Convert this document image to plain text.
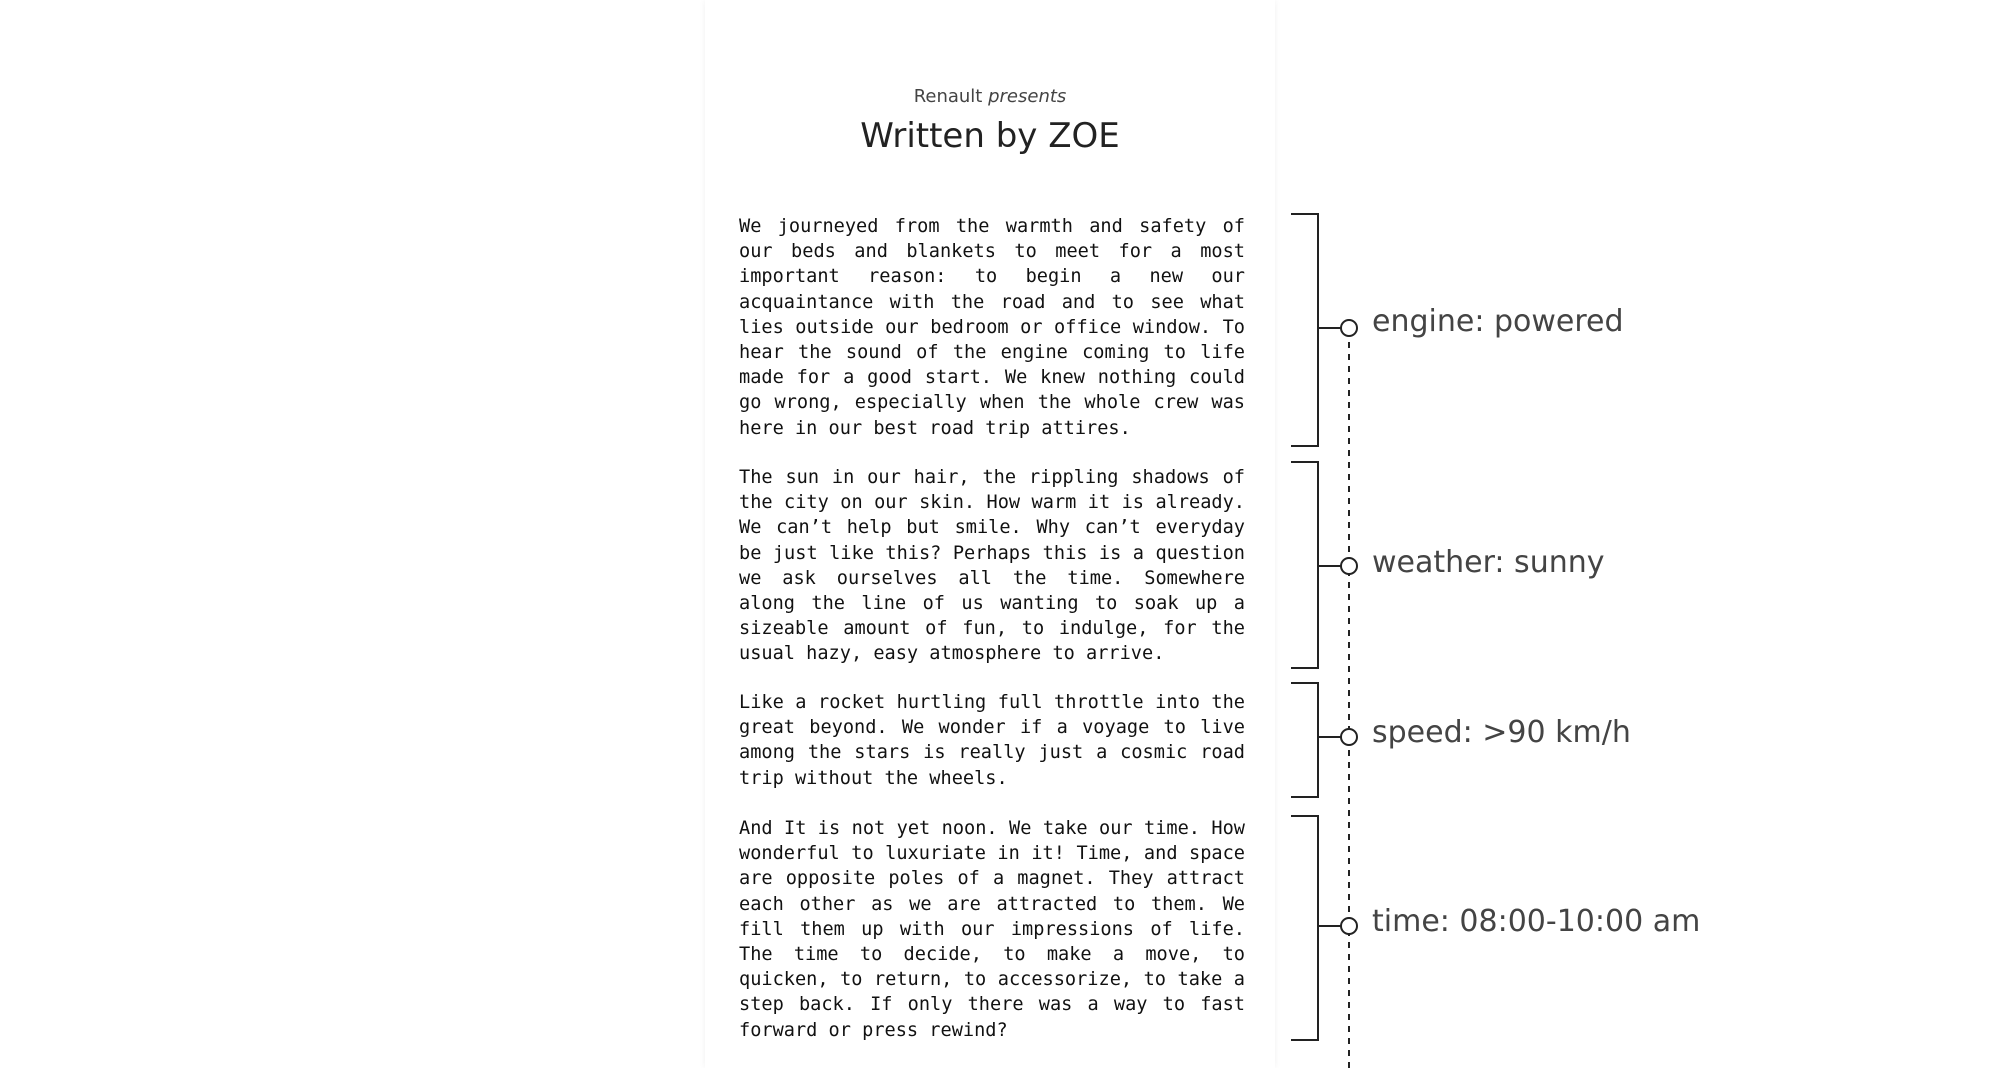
Renault presents
Written by ZOE

We journeyed from the warmth and safety of our beds and blankets to meet for a most important reason: to begin a new our acquaintance with the road and to see what lies outside our bedroom or office window. To hear the sound of the engine coming to life made for a good start. We knew nothing could go wrong, especially when the whole crew was here in our best road trip attires.

The sun in our hair, the rippling shadows of the city on our skin. How warm it is already. We can’t help but smile. Why can’t everyday be just like this? Perhaps this is a question we ask ourselves all the time. Somewhere along the line of us wanting to soak up a sizeable amount of fun, to indulge, for the usual hazy, easy atmosphere to arrive.

Like a rocket hurtling full throttle into the great beyond. We wonder if a voyage to live among the stars is really just a cosmic road trip without the wheels.

And It is not yet noon. We take our time. How wonderful to luxuriate in it! Time, and space are opposite poles of a magnet. They attract each other as we are attracted to them. We fill them up with our impressions of life. The time to decide, to make a move, to quicken, to return, to accessorize, to take a step back. If only there was a way to fast forward or press rewind?

engine: powered
weather: sunny
speed: >90 km/h
time: 08:00-10:00 am
